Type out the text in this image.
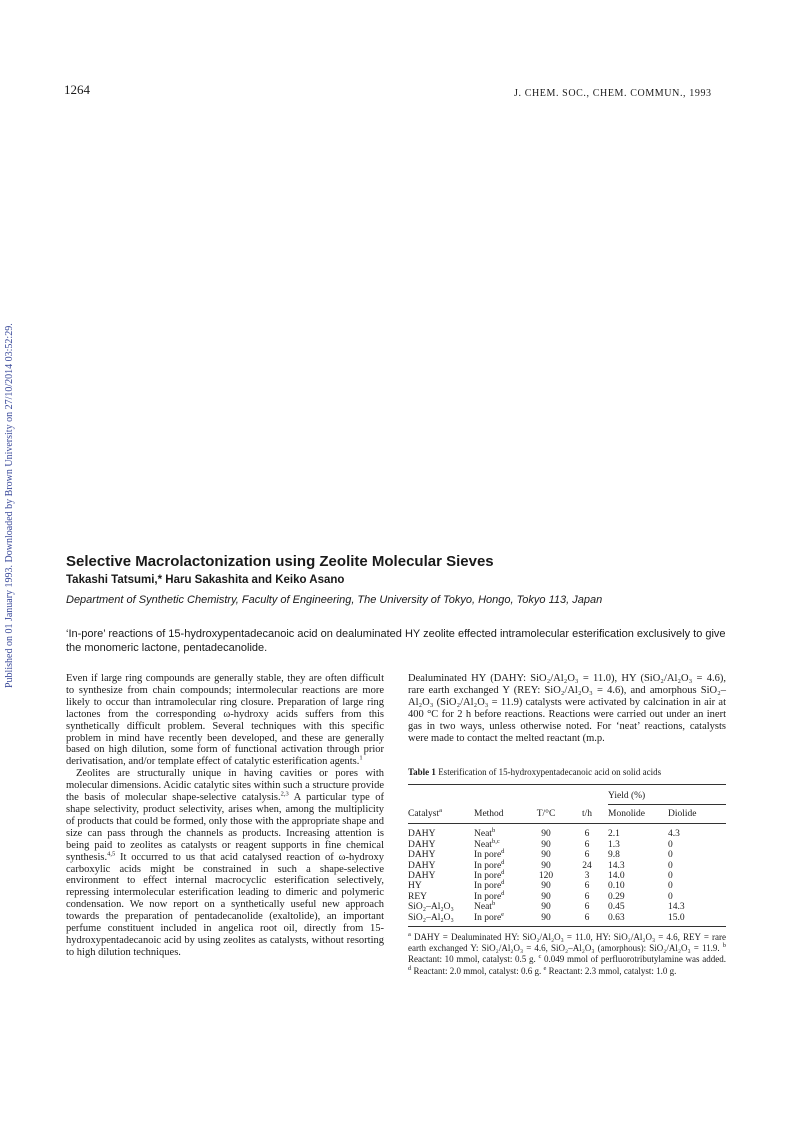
1264	J. CHEM. SOC., CHEM. COMMUN., 1993
Published on 01 January 1993. Downloaded by Brown University on 27/10/2014 03:52:29.	Selective Macrolactonization using Zeolite Molecular Sieves
Takashi Tatsumi,* Haru Sakashita and Keiko Asano
Department of Synthetic Chemistry, Faculty of Engineering, The University of Tokyo, Hongo, Tokyo 113, Japan
‘In-pore’ reactions of 15-hydroxypentadecanoic acid on dealuminated HY zeolite effected intramolecular esterification exclusively to give the monomeric lactone, pentadecanolide.

Even if large ring compounds are generally stable, they are often difficult to synthesize from chain compounds; intermolecular reactions are more likely to occur than intramolecular ring closure. Preparation of large ring lactones from the corresponding ω-hydroxy acids suffers from this synthetically difficult problem. Several techniques with this specific problem in mind have recently been developed, and these are generally based on high dilution, some form of functional activation through prior derivatisation, and/or template effect of catalytic esterification agents.$^1$

Zeolites are structurally unique in having cavities or pores with molecular dimensions. Acidic catalytic sites within such a structure provide the basis of molecular shape-selective catalysis.$^{2,3}$ A particular type of shape selectivity, product selectivity, arises when, among the multiplicity of products that could be formed, only those with the appropriate shape and size can pass through the channels as products. Increasing attention is being paid to zeolites as catalysts or reagent supports in fine chemical synthesis.$^{4,5}$ It occurred to us that acid catalysed reaction of ω-hydroxy carboxylic acids might be constrained in such a shape-selective environment to effect internal macrocyclic esterification selectively, repressing intermolecular esterification leading to dimeric and polymeric condensation. We now report on a synthetically useful new approach towards the preparation of pentadecanolide (exaltolide), an important perfume constituent included in angelica root oil, directly from 15-hydroxypentadecanoic acid by using zeolites as catalysts, without resorting to high dilution techniques.

Dealuminated HY (DAHY: SiO₂/Al₂O₃ = 11.0), HY (SiO₂/Al₂O₃ = 4.6), rare earth exchanged Y (REY: SiO₂/Al₂O₃ = 4.6), and amorphous SiO₂–Al₂O₃ (SiO₂/Al₂O₃ = 11.9) catalysts were activated by calcination in air at 400 °C for 2 h before reactions. Reactions were carried out under an inert gas in two ways, unless otherwise noted. For ‘neat’ reactions, catalysts were made to contact the melted reactant (m.p.
Table 1 Esterification of 15-hydroxypentadecanoic acid on solid acids

				Yield (%)	
Catalyst$^a$	Method	T/°C	t/h	Monolide	Diolide
DAHY	Neat$^b$	90	6	2.1	4.3
DAHY	Neat$^{b,c}$	90	6	1.3	0
DAHY	In pore$^d$	90	6	9.8	0
DAHY	In pore$^d$	90	24	14.3	0
DAHY	In pore$^d$	120	3	14.0	0
HY	In pore$^d$	90	6	0.10	0
REY	In pore$^d$	90	6	0.29	0
SiO₂–Al₂O₃	Neat$^b$	90	6	0.45	14.3
SiO₂–Al₂O₃	In pore$^e$	90	6	0.63	15.0
$^a$ DAHY = Dealuminated HY: SiO₂/Al₂O₃ = 11.0, HY: SiO₂/Al₂O₃ = 4.6, REY = rare earth exchanged Y: SiO₂/Al₂O₃ = 4.6, SiO₂–Al₂O₃ (amorphous): SiO₂/Al₂O₃ = 11.9. $^b$ Reactant: 10 mmol, catalyst: 0.5 g. $^c$ 0.049 mmol of perfluorotributylamine was added. $^d$ Reactant: 2.0 mmol, catalyst: 0.6 g. $^e$ Reactant: 2.3 mmol, catalyst: 1.0 g.
